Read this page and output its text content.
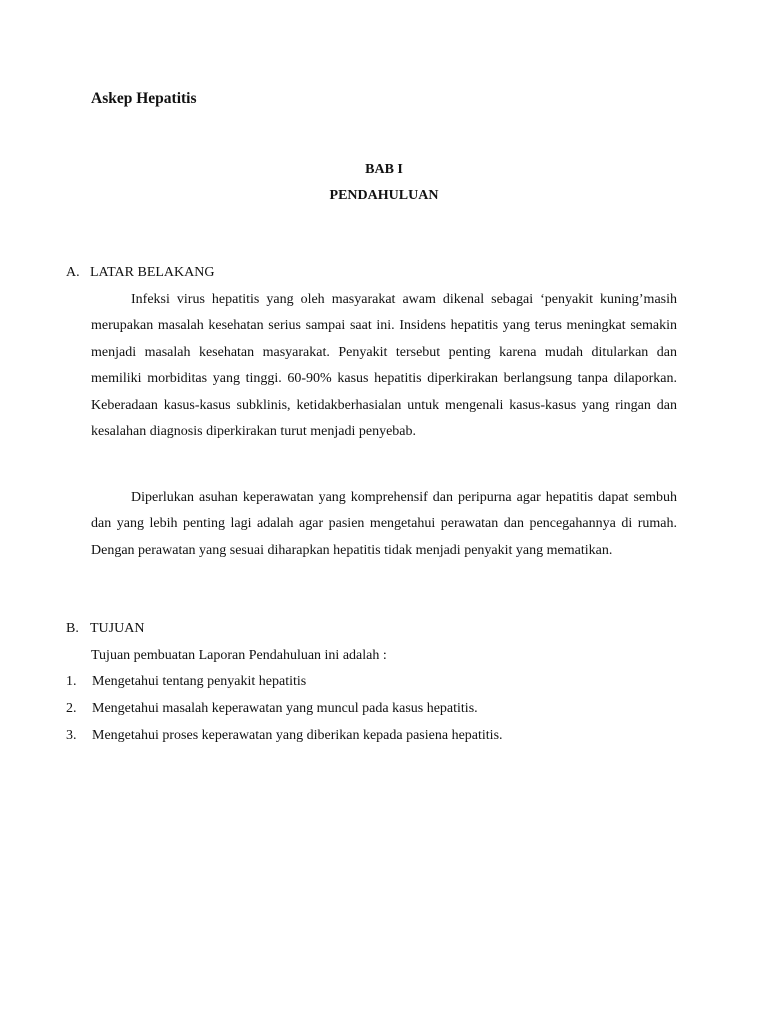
Askep Hepatitis
BAB I
PENDAHULUAN
A. LATAR BELAKANG

Infeksi virus hepatitis yang oleh masyarakat awam dikenal sebagai ‘penyakit kuning’masih merupakan masalah kesehatan serius sampai saat ini. Insidens hepatitis yang terus meningkat semakin menjadi masalah kesehatan masyarakat. Penyakit tersebut penting karena mudah ditularkan dan memiliki morbiditas yang tinggi. 60-90% kasus hepatitis diperkirakan berlangsung tanpa dilaporkan. Keberadaan kasus-kasus subklinis, ketidakberhasialan untuk mengenali kasus-kasus yang ringan dan kesalahan diagnosis diperkirakan turut menjadi penyebab.

Diperlukan asuhan keperawatan yang komprehensif dan peripurna agar hepatitis dapat sembuh dan yang lebih penting lagi adalah agar pasien mengetahui perawatan dan pencegahannya di rumah. Dengan perawatan yang sesuai diharapkan hepatitis tidak menjadi penyakit yang mematikan.

B. TUJUAN
Tujuan pembuatan Laporan Pendahuluan ini adalah :
1. Mengetahui tentang penyakit hepatitis
2. Mengetahui masalah keperawatan yang muncul pada kasus hepatitis.
3. Mengetahui proses keperawatan yang diberikan kepada pasiena hepatitis.
